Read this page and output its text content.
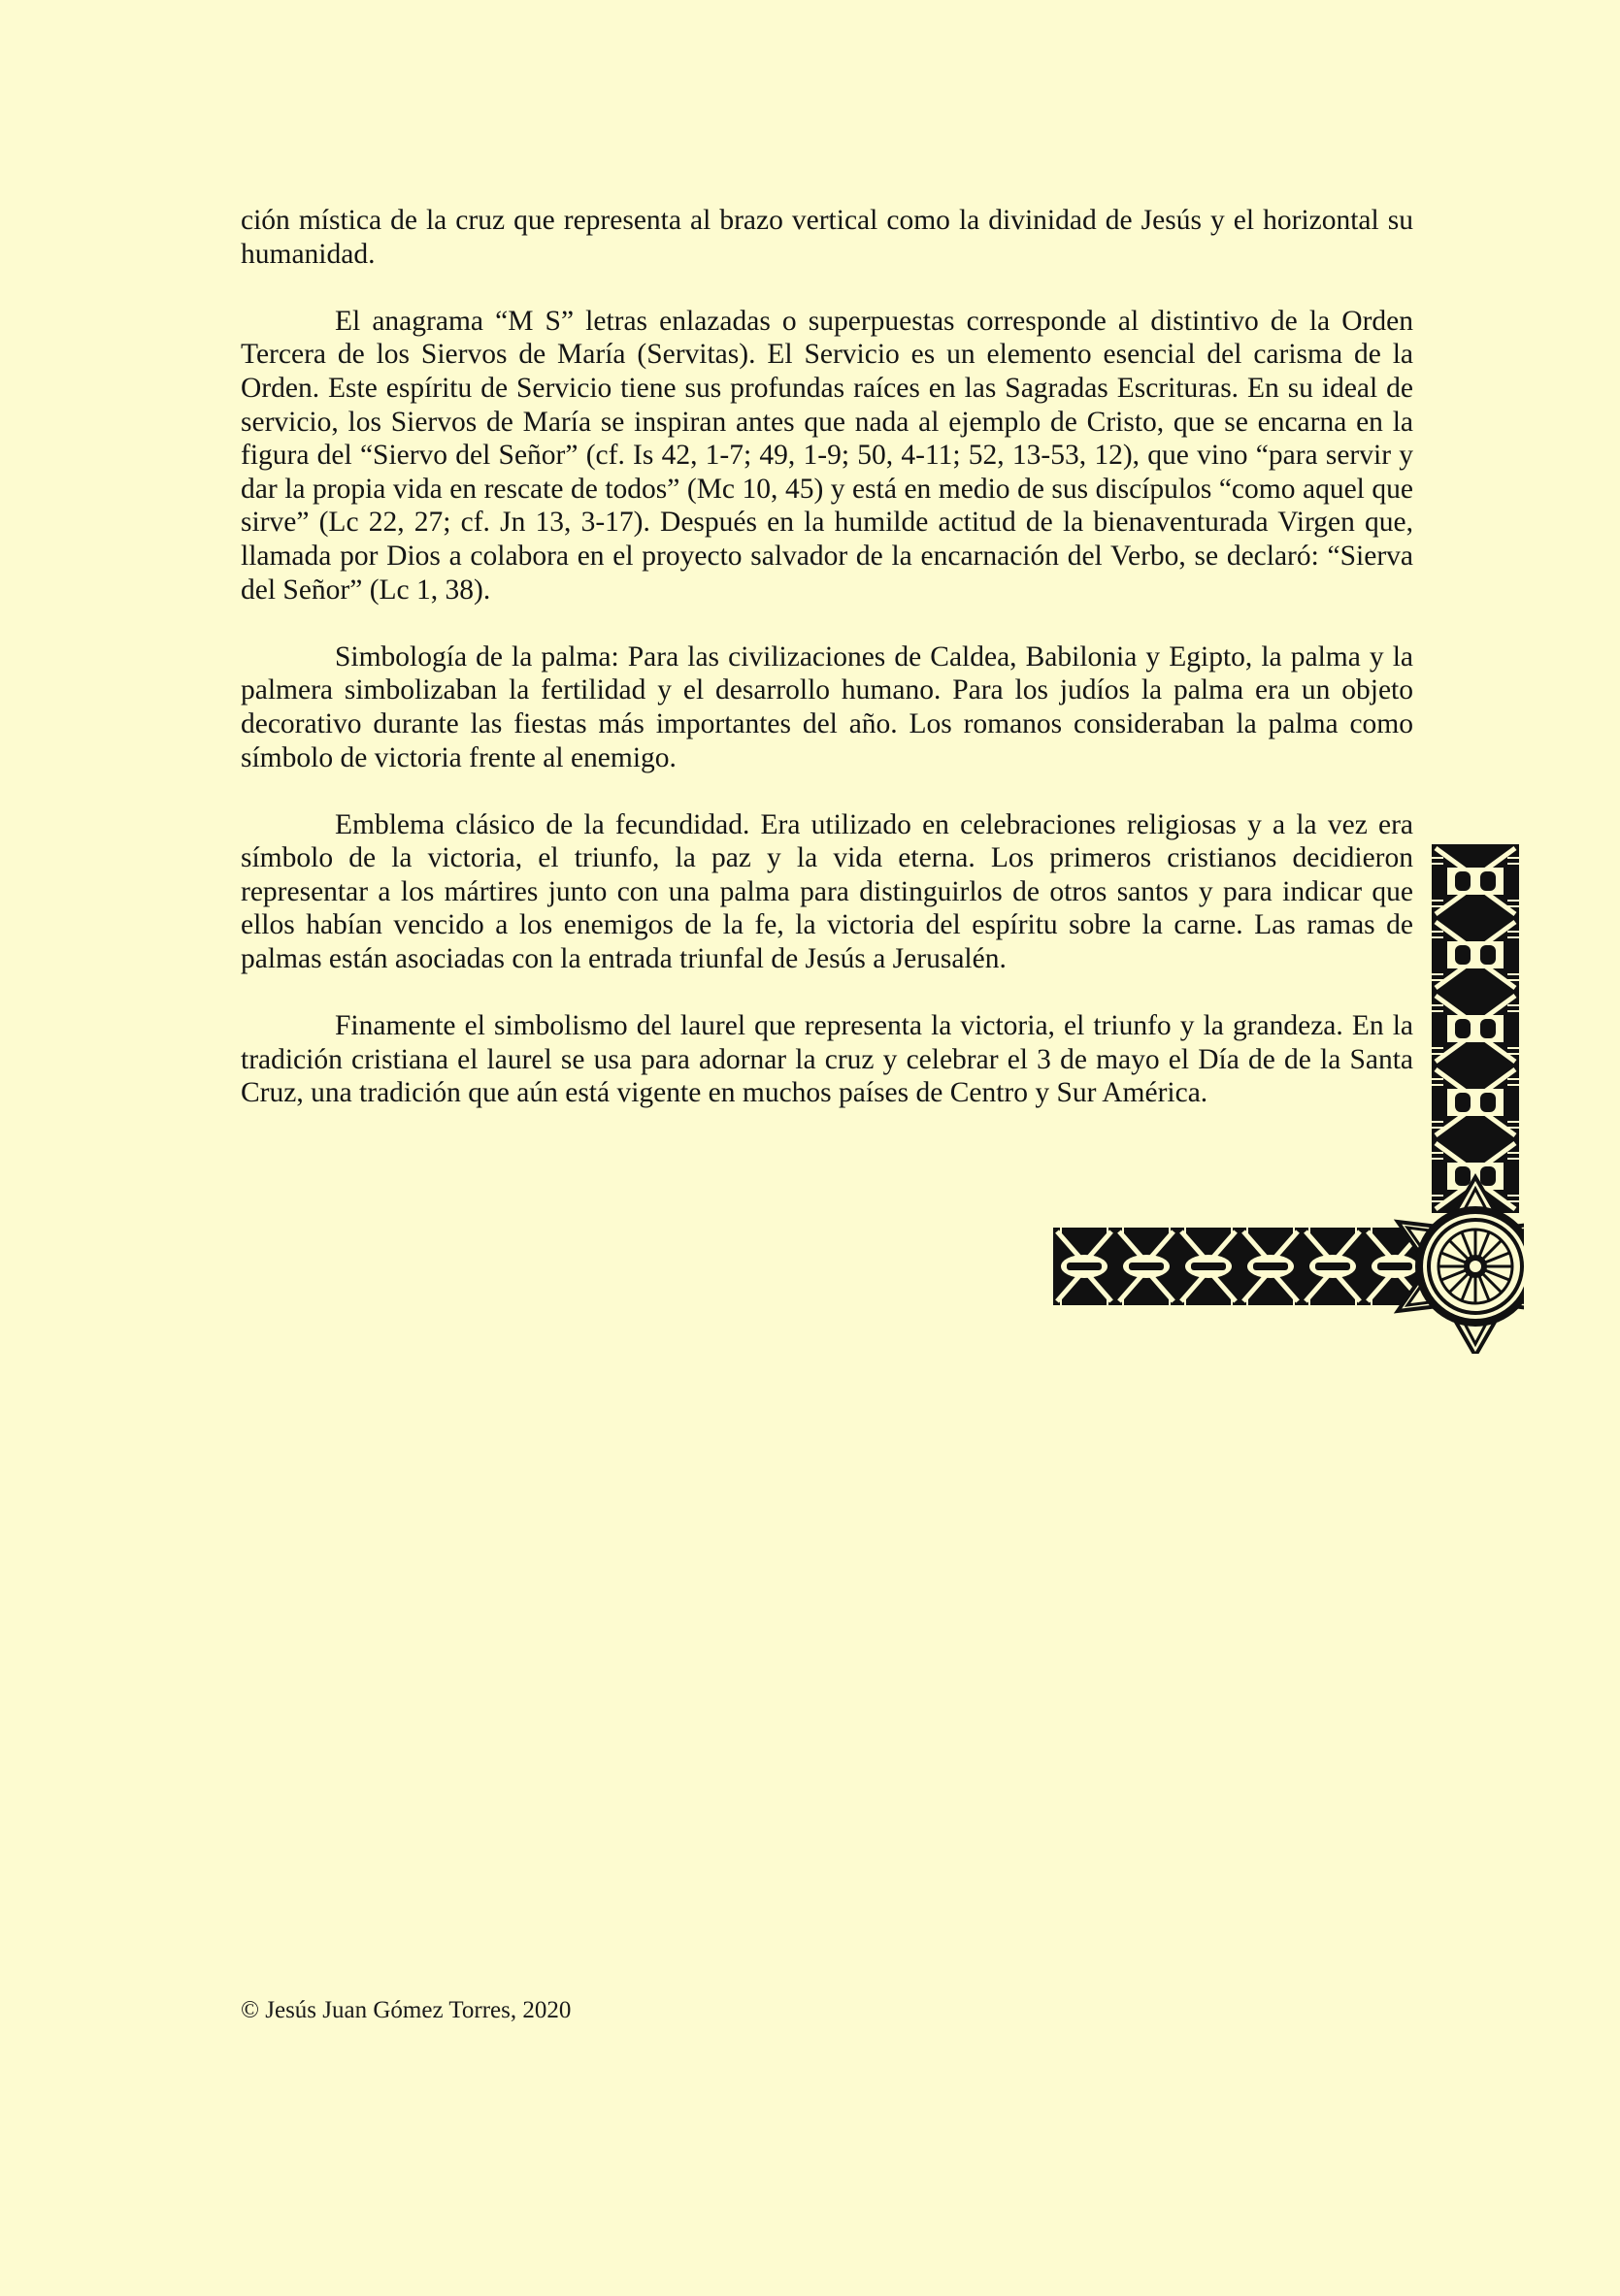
ción mística de la cruz que representa al brazo vertical como la divinidad de Jesús y el horizontal su humanidad.

El anagrama “M S” letras enlazadas o superpuestas corresponde al distintivo de la Orden Tercera de los Siervos de María (Servitas). El Servicio es un elemento esencial del carisma de la Orden. Este espíritu de Servicio tiene sus profundas raíces en las Sagradas Escrituras. En su ideal de servicio, los Siervos de María se inspiran antes que nada al ejemplo de Cristo, que se encarna en la figura del “Siervo del Señor” (cf. Is 42, 1-7; 49, 1-9; 50, 4-11; 52, 13-53, 12), que vino “para servir y dar la propia vida en rescate de todos” (Mc 10, 45) y está en medio de sus discípulos “como aquel que sirve” (Lc 22, 27; cf. Jn 13, 3-17). Después en la humilde actitud de la bienaventurada Virgen que, llamada por Dios a colabora en el proyecto salvador de la encarnación del Verbo, se declaró: “Sierva del Señor” (Lc 1, 38).

Simbología de la palma: Para las civilizaciones de Caldea, Babilonia y Egipto, la palma y la palmera simbolizaban la fertilidad y el desarrollo humano. Para los judíos la palma era un objeto decorativo durante las fiestas más importantes del año. Los romanos consideraban la palma como símbolo de victoria frente al enemigo.

Emblema clásico de la fecundidad. Era utilizado en celebraciones religiosas y a la vez era símbolo de la victoria, el triunfo, la paz y la vida eterna. Los primeros cristianos decidieron representar a los mártires junto con una palma para distinguirlos de otros santos y para indicar que ellos habían vencido a los enemigos de la fe, la victoria del espíritu sobre la carne. Las ramas de palmas están asociadas con la entrada triunfal de Jesús a Jerusalén.

Finamente el simbolismo del laurel que representa la victoria, el triunfo y la grandeza. En la tradición cristiana el laurel se usa para adornar la cruz y celebrar el 3 de mayo el Día de de la Santa Cruz, una tradición que aún está vigente en muchos países de Centro y Sur América.

© Jesús Juan Gómez Torres, 2020
